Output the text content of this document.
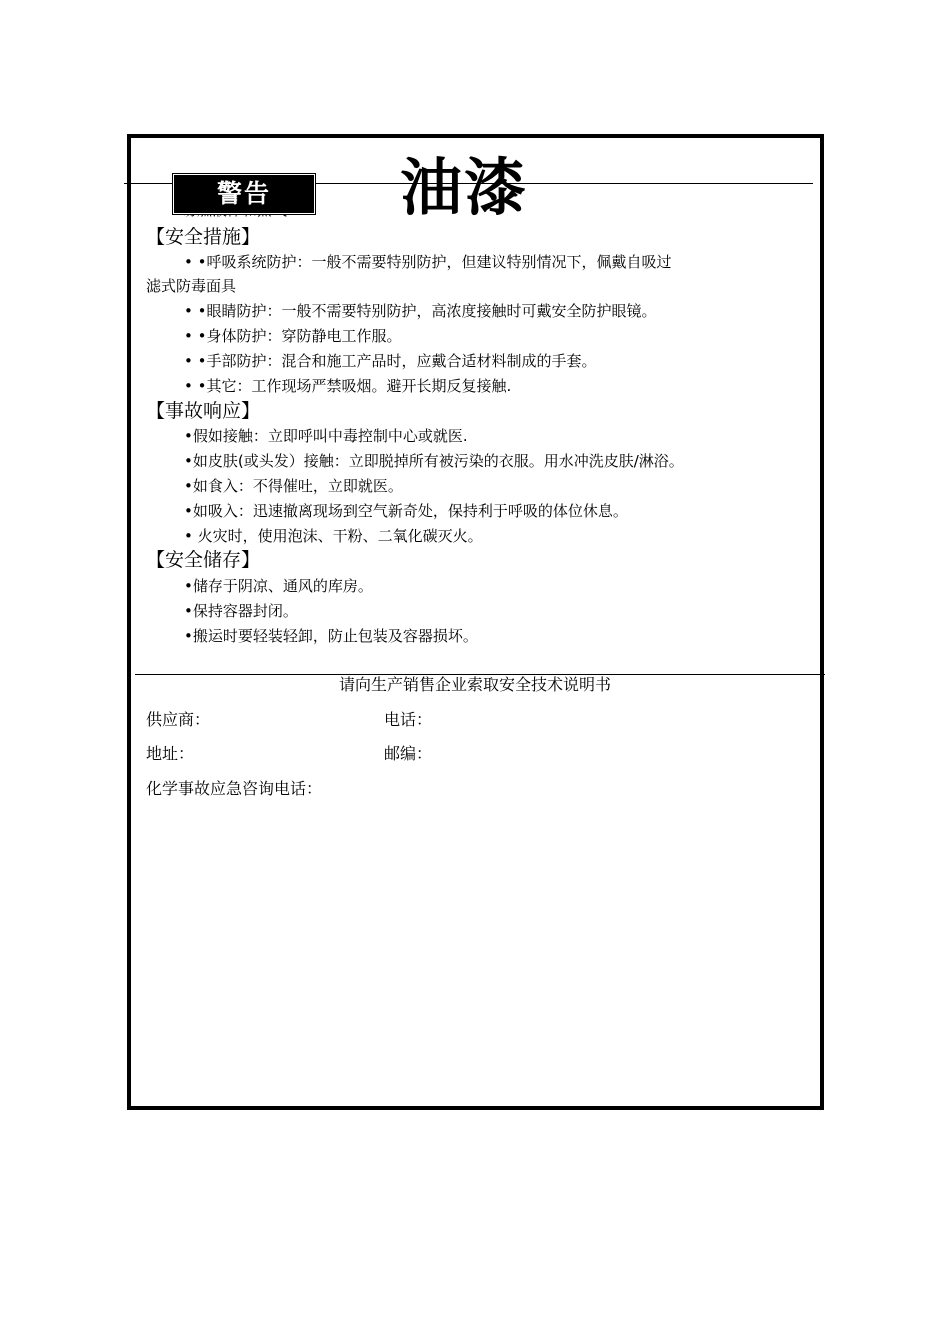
警告	油漆
【安全措施】
• •呼吸系统防护：一般不需要特别防护，但建议特别情况下，佩戴自吸过
滤式防毒面具
• •眼睛防护：一般不需要特别防护，高浓度接触时可戴安全防护眼镜。
• •身体防护：穿防静电工作服。
• •手部防护：混合和施工产品时，应戴合适材料制成的手套。
• •其它：工作现场严禁吸烟。避开长期反复接触.
【事故响应】
•假如接触：立即呼叫中毒控制中心或就医.
•如皮肤(或头发）接触：立即脱掉所有被污染的衣服。用水冲洗皮肤/淋浴。
•如食入：不得催吐，立即就医。
•如吸入：迅速撤离现场到空气新奇处，保持利于呼吸的体位休息。
• 火灾时，使用泡沫、干粉、二氧化碳灭火。
【安全储存】
•储存于阴凉、通风的库房。
•保持容器封闭。
•搬运时要轻装轻卸，防止包装及容器损坏。
请向生产销售企业索取安全技术说明书
供应商：	电话：
地址：	邮编：
化学事故应急咨询电话：
